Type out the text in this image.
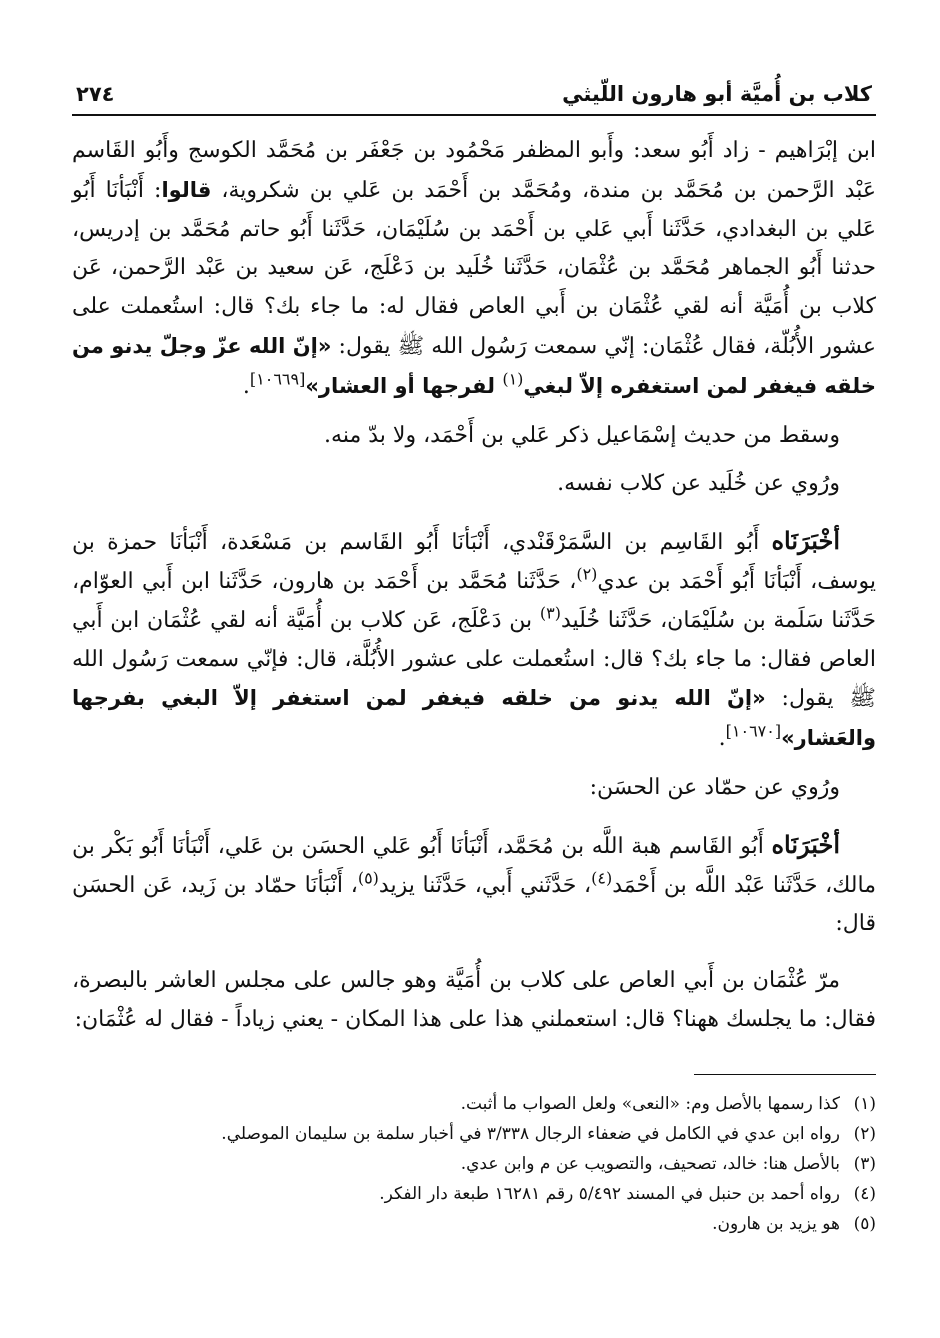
كلاب بن أُميَّة أبو هارون اللّيثي
٢٧٤

ابن إبْرَاهيم - زاد أَبُو سعد: وأَبو المظفر مَحْمُود بن جَعْفَر بن مُحَمَّد الكوسج وأَبُو القَاسم عَبْد الرَّحمن بن مُحَمَّد بن مندة، ومُحَمَّد بن أَحْمَد بن عَلي بن شكروية، قالوا: أَنْبَأنَا أَبُو عَلي بن البغدادي، حَدَّثَنا أَبي عَلي بن أَحْمَد بن سُلَيْمَان، حَدَّثَنا أَبُو حاتم مُحَمَّد بن إدريس، حدثنا أَبُو الجماهر مُحَمَّد بن عُثْمَان، حَدَّثَنا خُلَيد بن دَعْلَج، عَن سعيد بن عَبْد الرَّحمن، عَن كلاب بن أُمَيَّة أنه لقي عُثْمَان بن أَبي العاص فقال له: ما جاء بك؟ قال: استُعملت على عشور الأُبُلّة، فقال عُثْمَان: إنّي سمعت رَسُول الله ﷺ يقول: «إنّ الله عزّ وجلّ يدنو من خلقه فيغفر لمن استغفره إلاّ لبغي$^{(١)}$ لفرجها أو العشار»[١٠٦٦٩].

وسقط من حديث إسْمَاعيل ذكر عَلي بن أَحْمَد، ولا بدّ منه.

ورُوي عن خُلَيد عن كلاب نفسه.

أخْبَرَنَاه أَبُو القَاسِم بن السَّمَرْقَنْدي، أَنْبَأنَا أَبُو القَاسم بن مَسْعَدة، أَنْبَأنَا حمزة بن يوسف، أَنْبَأنَا أَبُو أَحْمَد بن عدي$^{(٢)}$، حَدَّثَنا مُحَمَّد بن أَحْمَد بن هارون، حَدَّثَنا ابن أَبي العوّام، حَدَّثَنا سَلَمة بن سُلَيْمَان، حَدَّثَنا خُلَيد$^{(٣)}$ بن دَعْلَج، عَن كلاب بن أُمَيَّة أنه لقي عُثْمَان ابن أَبي العاص فقال: ما جاء بك؟ قال: استُعملت على عشور الأُبُلَّة، قال: فإنّي سمعت رَسُول الله ﷺ يقول: «إنّ الله يدنو من خلقه فيغفر لمن استغفر إلاّ البغي بفرجها والعَشار»[١٠٦٧٠].

ورُوي عن حمّاد عن الحسَن:

أخْبَرَنَاه أَبُو القَاسم هبة اللَّه بن مُحَمَّد، أَنْبَأنَا أَبُو عَلي الحسَن بن عَلي، أَنْبَأنَا أَبُو بَكْر بن مالك، حَدَّثَنا عَبْد اللَّه بن أَحْمَد$^{(٤)}$، حَدَّثَني أَبي، حَدَّثَنا يزيد$^{(٥)}$، أَنْبَأنَا حمّاد بن زَيد، عَن الحسَن قال:

مرّ عُثْمَان بن أَبي العاص على كلاب بن أُمَيَّة وهو جالس على مجلس العاشر بالبصرة، فقال: ما يجلسك ههنا؟ قال: استعملني هذا على هذا المكان - يعني زياداً - فقال له عُثْمَان:

(١)
كذا رسمها بالأصل وم: «النعى» ولعل الصواب ما أثبت.
(٢)
رواه ابن عدي في الكامل في ضعفاء الرجال ٣/٣٣٨ في أخبار سلمة بن سليمان الموصلي.
(٣)
بالأصل هنا: خالد، تصحيف، والتصويب عن م وابن عدي.
(٤)
رواه أحمد بن حنبل في المسند ٥/٤٩٢ رقم ١٦٢٨١ طبعة دار الفكر.
(٥)
هو يزيد بن هارون.
